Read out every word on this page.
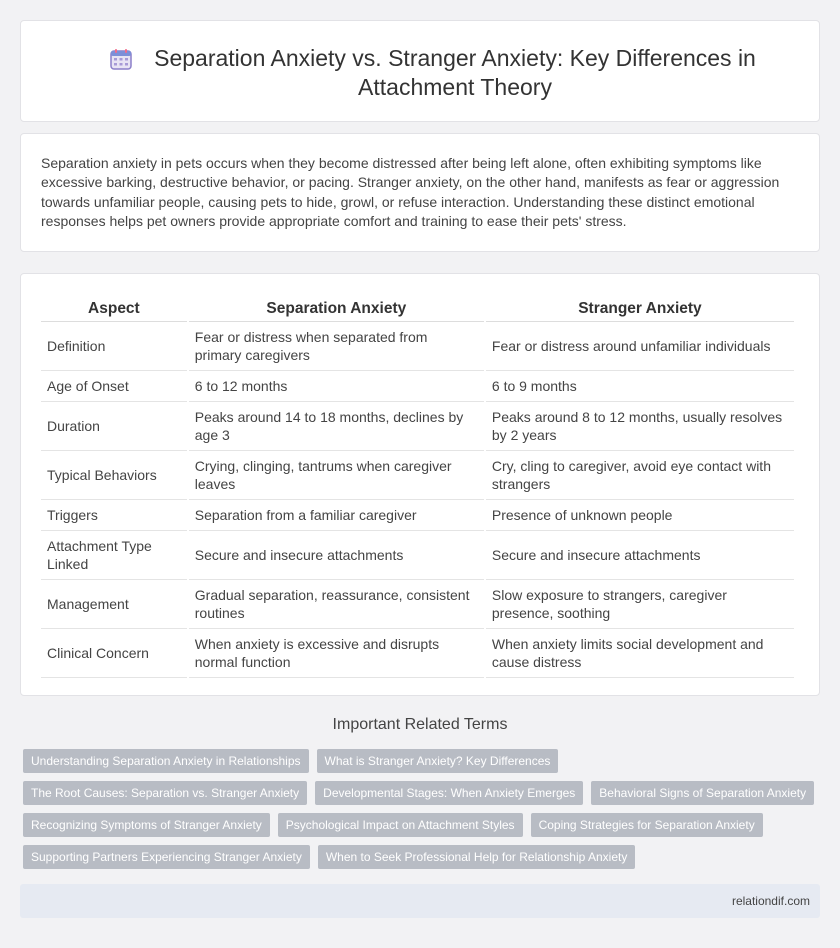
Separation Anxiety vs. Stranger Anxiety: Key Differences in Attachment Theory

Separation anxiety in pets occurs when they become distressed after being left alone, often exhibiting symptoms like excessive barking, destructive behavior, or pacing. Stranger anxiety, on the other hand, manifests as fear or aggression towards unfamiliar people, causing pets to hide, growl, or refuse interaction. Understanding these distinct emotional responses helps pet owners provide appropriate comfort and training to ease their pets' stress.

Aspect	Separation Anxiety	Stranger Anxiety
Definition	Fear or distress when separated from primary caregivers	Fear or distress around unfamiliar individuals
Age of Onset	6 to 12 months	6 to 9 months
Duration	Peaks around 14 to 18 months, declines by age 3	Peaks around 8 to 12 months, usually resolves by 2 years
Typical Behaviors	Crying, clinging, tantrums when caregiver leaves	Cry, cling to caregiver, avoid eye contact with strangers
Triggers	Separation from a familiar caregiver	Presence of unknown people
Attachment Type Linked	Secure and insecure attachments	Secure and insecure attachments
Management	Gradual separation, reassurance, consistent routines	Slow exposure to strangers, caregiver presence, soothing
Clinical Concern	When anxiety is excessive and disrupts normal function	When anxiety limits social development and cause distress
Important Related Terms
Understanding Separation Anxiety in Relationships	What is Stranger Anxiety? Key Differences
The Root Causes: Separation vs. Stranger Anxiety	Developmental Stages: When Anxiety Emerges	Behavioral Signs of Separation Anxiety
Recognizing Symptoms of Stranger Anxiety	Psychological Impact on Attachment Styles	Coping Strategies for Separation Anxiety
Supporting Partners Experiencing Stranger Anxiety	When to Seek Professional Help for Relationship Anxiety
relationdif.com
